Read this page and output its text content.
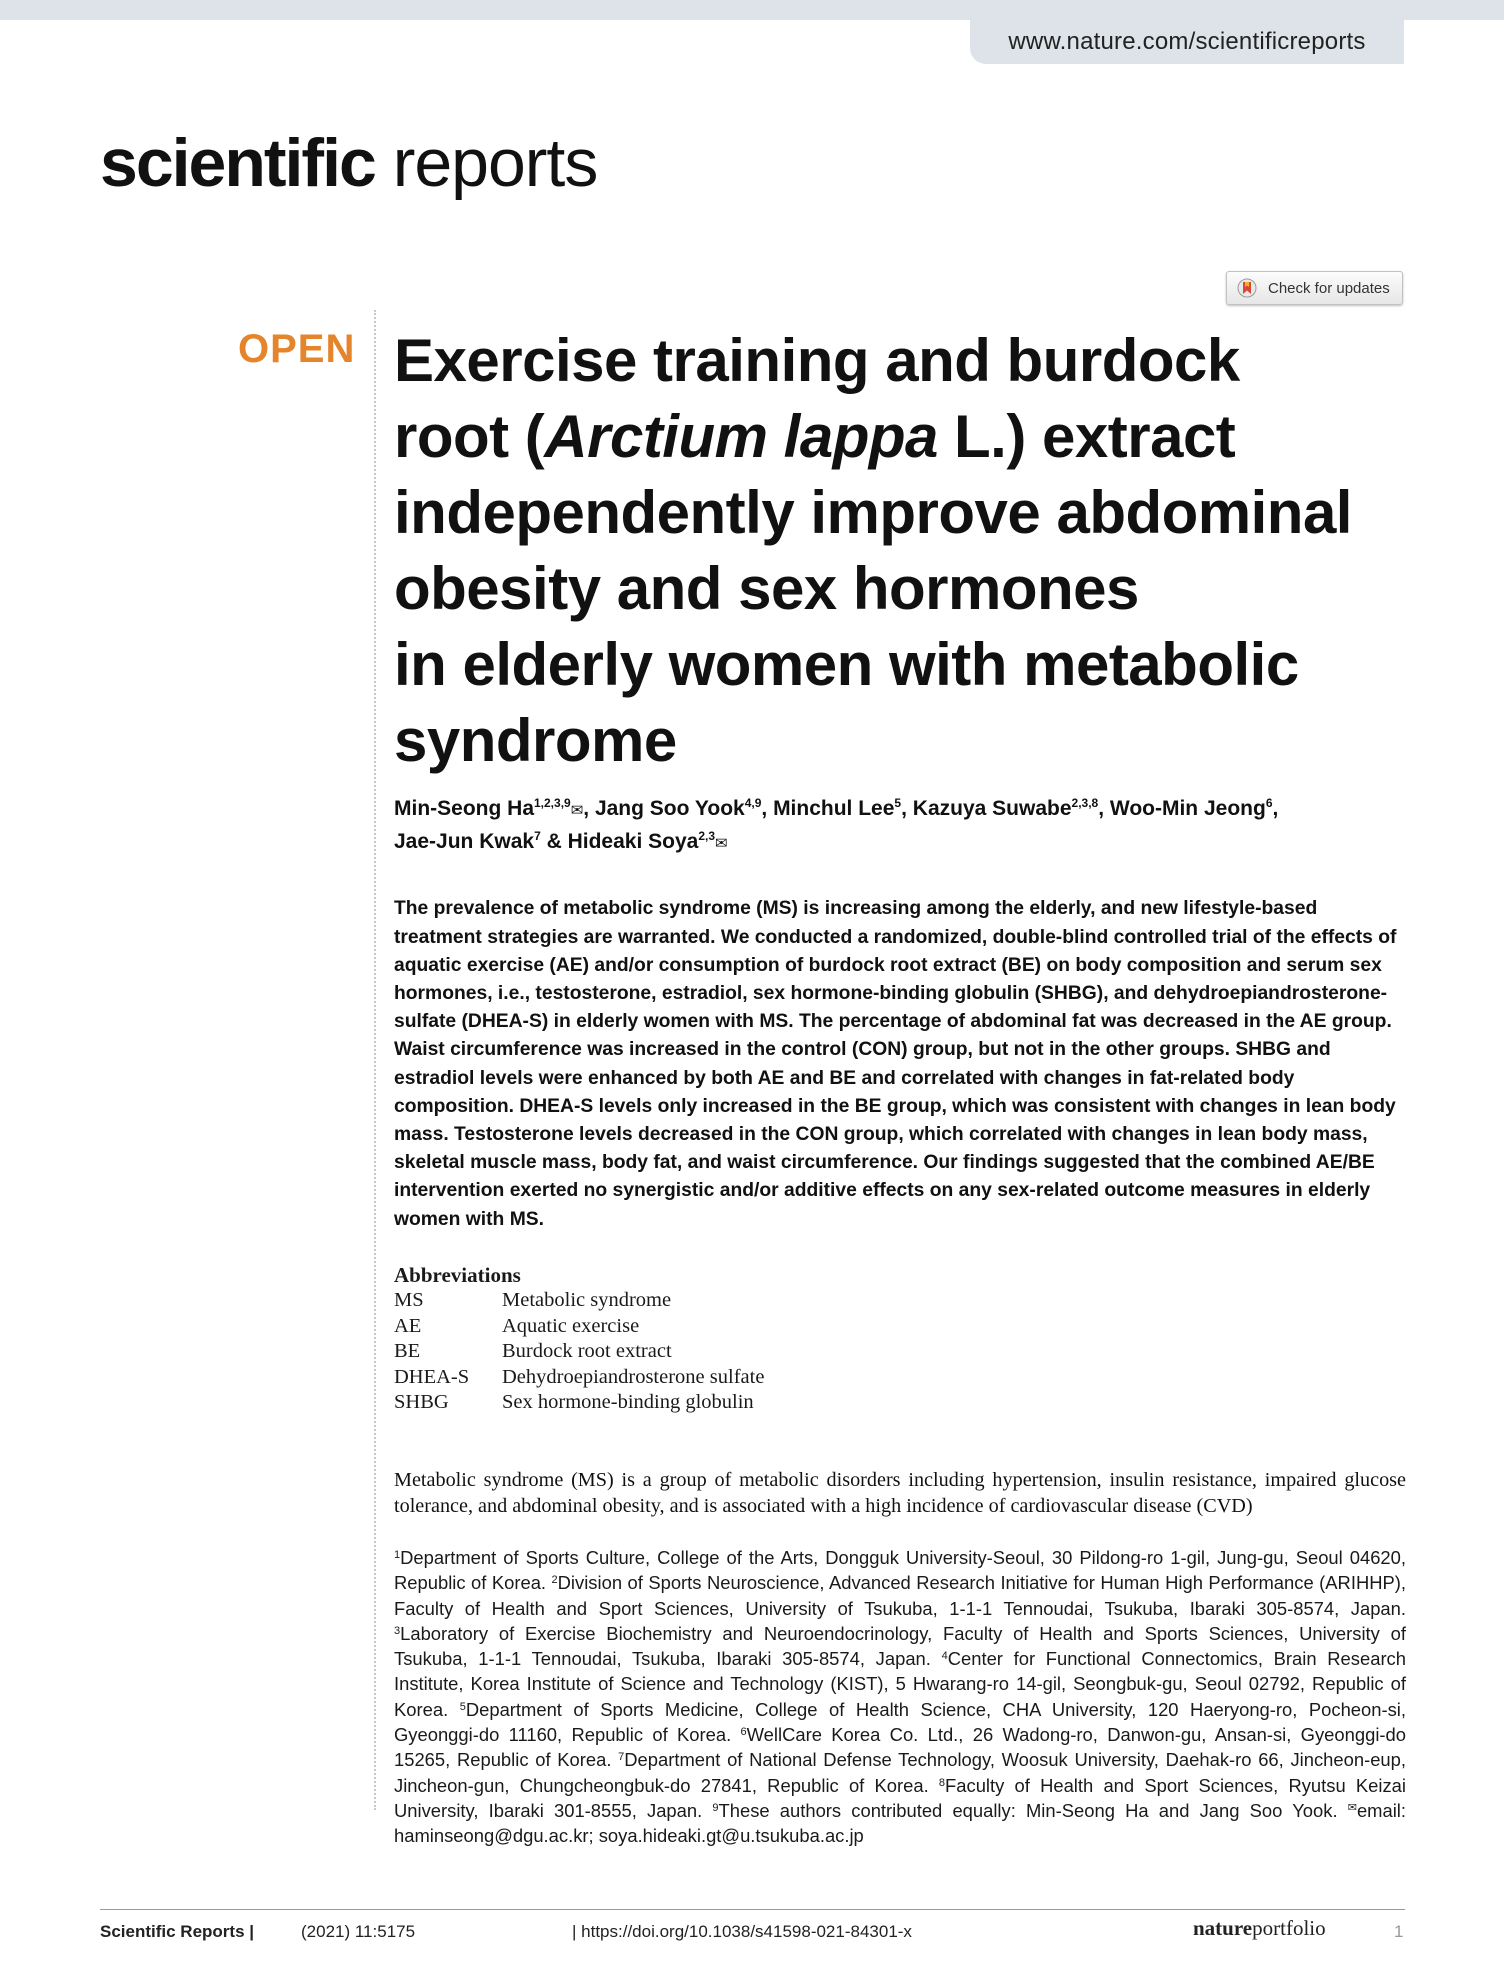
www.nature.com/scientificreports
scientific reports
Check for updates
OPEN Exercise training and burdock
root (Arctium lappa L.) extract
independently improve abdominal
obesity and sex hormones
in elderly women with metabolic
syndrome
Min-Seong Ha$^{1,2,3,9}$✉, Jang Soo Yook$^{4,9}$, Minchul Lee$^5$, Kazuya Suwabe$^{2,3,8}$, Woo-Min Jeong$^6$,
Jae-Jun Kwak$^7$ & Hideaki Soya$^{2,3}$✉

The prevalence of metabolic syndrome (MS) is increasing among the elderly, and new lifestyle-based treatment strategies are warranted. We conducted a randomized, double-blind controlled trial of the effects of aquatic exercise (AE) and/or consumption of burdock root extract (BE) on body composition and serum sex hormones, i.e., testosterone, estradiol, sex hormone-binding globulin (SHBG), and dehydroepiandrosterone-sulfate (DHEA-S) in elderly women with MS. The percentage of abdominal fat was decreased in the AE group. Waist circumference was increased in the control (CON) group, but not in the other groups. SHBG and estradiol levels were enhanced by both AE and BE and correlated with changes in fat-related body composition. DHEA-S levels only increased in the BE group, which was consistent with changes in lean body mass. Testosterone levels decreased in the CON group, which correlated with changes in lean body mass, skeletal muscle mass, body fat, and waist circumference. Our findings suggested that the combined AE/BE intervention exerted no synergistic and/or additive effects on any sex-related outcome measures in elderly women with MS.

Abbreviations
MS	Metabolic syndrome
AE	Aquatic exercise
BE	Burdock root extract
DHEA-S	Dehydroepiandrosterone sulfate
SHBG	Sex hormone-binding globulin

Metabolic syndrome (MS) is a group of metabolic disorders including hypertension, insulin resistance, impaired glucose tolerance, and abdominal obesity, and is associated with a high incidence of cardiovascular disease (CVD)

$^1$Department of Sports Culture, College of the Arts, Dongguk University-Seoul, 30 Pildong-ro 1-gil, Jung-gu, Seoul 04620, Republic of Korea. $^2$Division of Sports Neuroscience, Advanced Research Initiative for Human High Performance (ARIHHP), Faculty of Health and Sport Sciences, University of Tsukuba, 1-1-1 Tennoudai, Tsukuba, Ibaraki 305-8574, Japan. $^3$Laboratory of Exercise Biochemistry and Neuroendocrinology, Faculty of Health and Sports Sciences, University of Tsukuba, 1-1-1 Tennoudai, Tsukuba, Ibaraki 305-8574, Japan. $^4$Center for Functional Connectomics, Brain Research Institute, Korea Institute of Science and Technology (KIST), 5 Hwarang-ro 14-gil, Seongbuk-gu, Seoul 02792, Republic of Korea. $^5$Department of Sports Medicine, College of Health Science, CHA University, 120 Haeryong-ro, Pocheon-si, Gyeonggi-do 11160, Republic of Korea. $^6$WellCare Korea Co. Ltd., 26 Wadong-ro, Danwon-gu, Ansan-si, Gyeonggi-do 15265, Republic of Korea. $^7$Department of National Defense Technology, Woosuk University, Daehak-ro 66, Jincheon-eup, Jincheon-gun, Chungcheongbuk-do 27841, Republic of Korea. $^8$Faculty of Health and Sport Sciences, Ryutsu Keizai University, Ibaraki 301-8555, Japan. $^9$These authors contributed equally: Min-Seong Ha and Jang Soo Yook. ✉email: haminseong@dgu.ac.kr; soya.hideaki.gt@u.tsukuba.ac.jp
Scientific Reports |	(2021) 11:5175	| https://doi.org/10.1038/s41598-021-84301-x	natureportfolio	1
